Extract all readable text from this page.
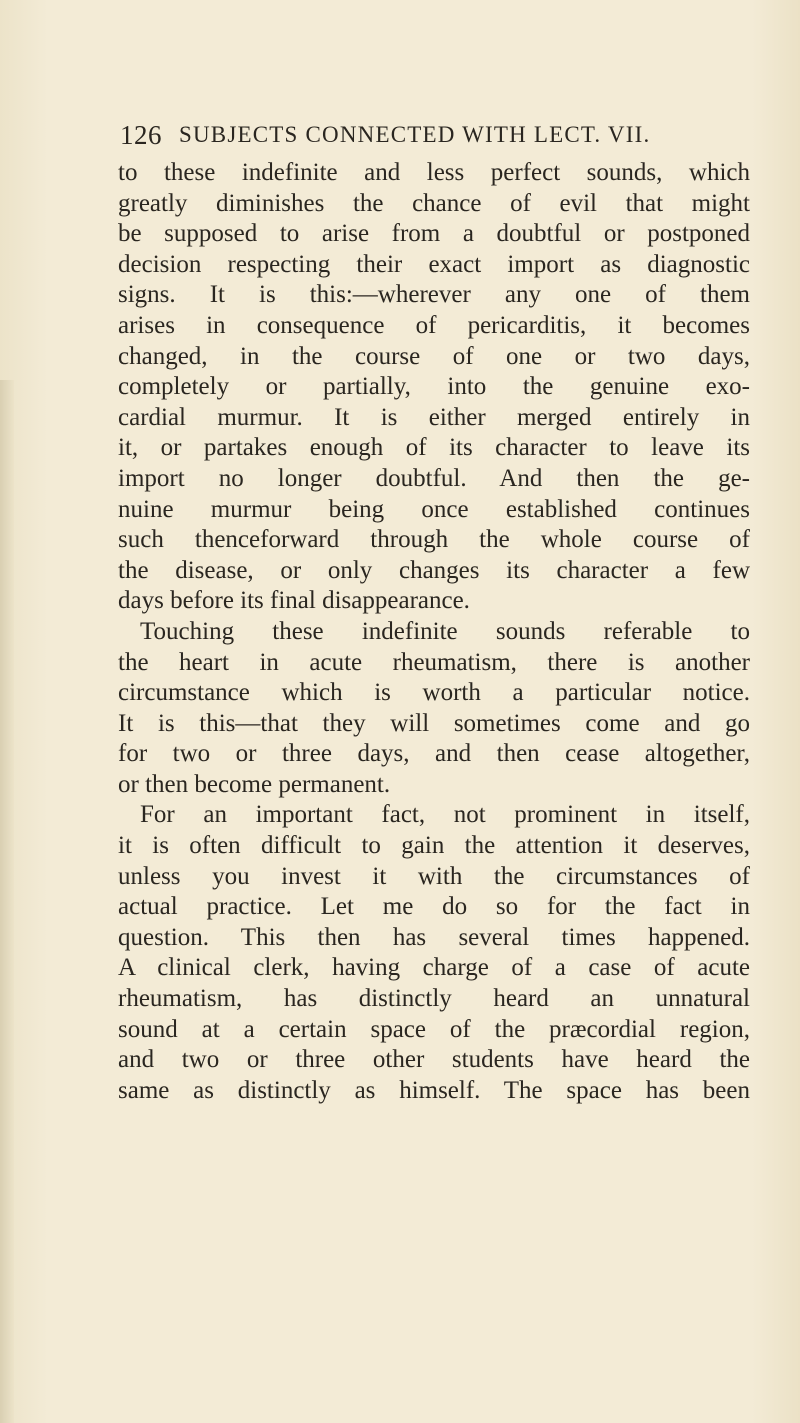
126 SUBJECTS CONNECTED WITH LECT. VII.
to these indefinite and less perfect sounds, which
greatly diminishes the chance of evil that might
be supposed to arise from a doubtful or postponed
decision respecting their exact import as diagnostic
signs. It is this:—wherever any one of them
arises in consequence of pericarditis, it becomes
changed, in the course of one or two days,
completely or partially, into the genuine exo-
cardial murmur. It is either merged entirely in
it, or partakes enough of its character to leave its
import no longer doubtful. And then the ge-
nuine murmur being once established continues
such thenceforward through the whole course of
the disease, or only changes its character a few
days before its final disappearance.
Touching these indefinite sounds referable to
the heart in acute rheumatism, there is another
circumstance which is worth a particular notice.
It is this—that they will sometimes come and go
for two or three days, and then cease altogether,
or then become permanent.
For an important fact, not prominent in itself,
it is often difficult to gain the attention it deserves,
unless you invest it with the circumstances of
actual practice. Let me do so for the fact in
question. This then has several times happened.
A clinical clerk, having charge of a case of acute
rheumatism, has distinctly heard an unnatural
sound at a certain space of the præcordial region,
and two or three other students have heard the
same as distinctly as himself. The space has been
